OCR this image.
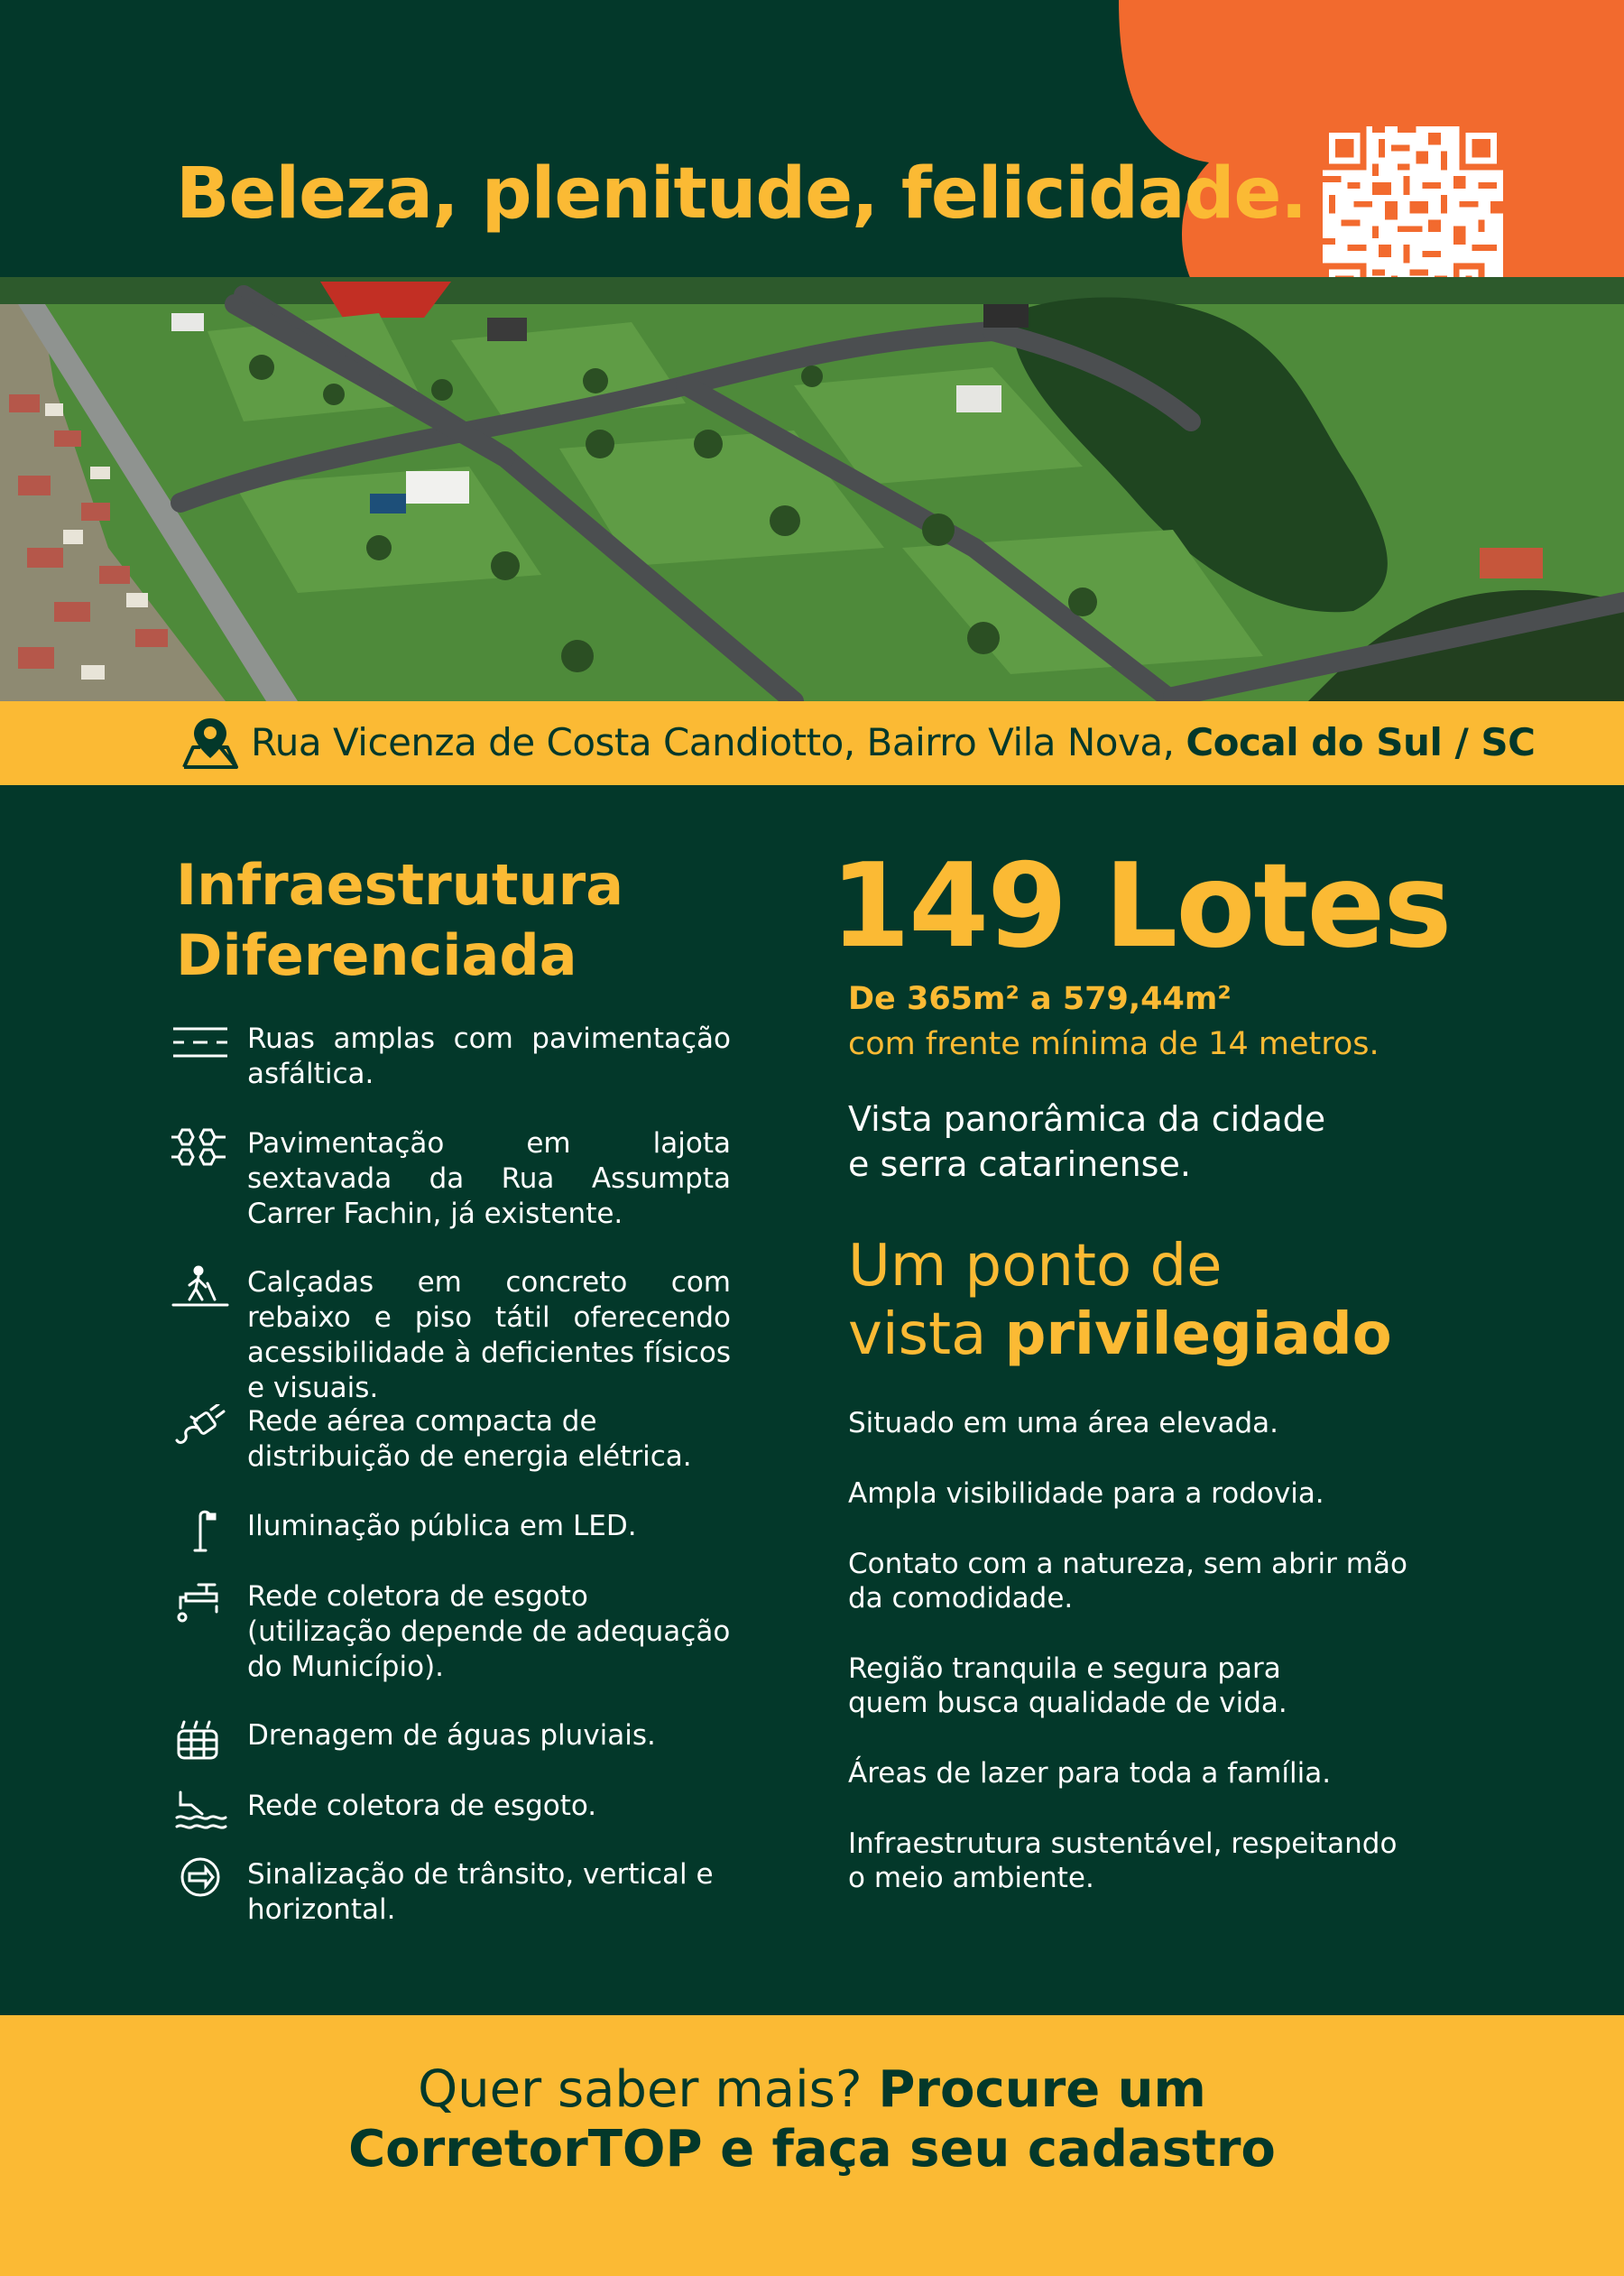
Beleza, plenitude, felicidade.
Rua Vicenza de Costa Candiotto, Bairro Vila Nova, Cocal do Sul / SC
Infraestrutura
Diferenciada
Ruas amplas com pavimentação asfáltica.
Pavimentação em lajota sextavada da Rua Assumpta Carrer Fachin, já existente.
Calçadas em concreto com rebaixo e piso tátil oferecendo acessibilidade à deficientes físicos e visuais.
Rede aérea compacta de distribuição de energia elétrica.
Iluminação pública em LED.
Rede coletora de esgoto (utilização depende de adequação do Município).
Drenagem de águas pluviais.
Rede coletora de esgoto.
Sinalização de trânsito, vertical e horizontal.
149 Lotes
De 365m² a 579,44m²
com frente mínima de 14 metros.
Vista panorâmica da cidade
e serra catarinense.
Um ponto de
vista privilegiado
Situado em uma área elevada.
Ampla visibilidade para a rodovia.
Contato com a natureza, sem abrir mão da comodidade.
Região tranquila e segura para quem busca qualidade de vida.
Áreas de lazer para toda a família.
Infraestrutura sustentável, respeitando o meio ambiente.
Quer saber mais? Procure um CorretorTOP e faça seu cadastro
